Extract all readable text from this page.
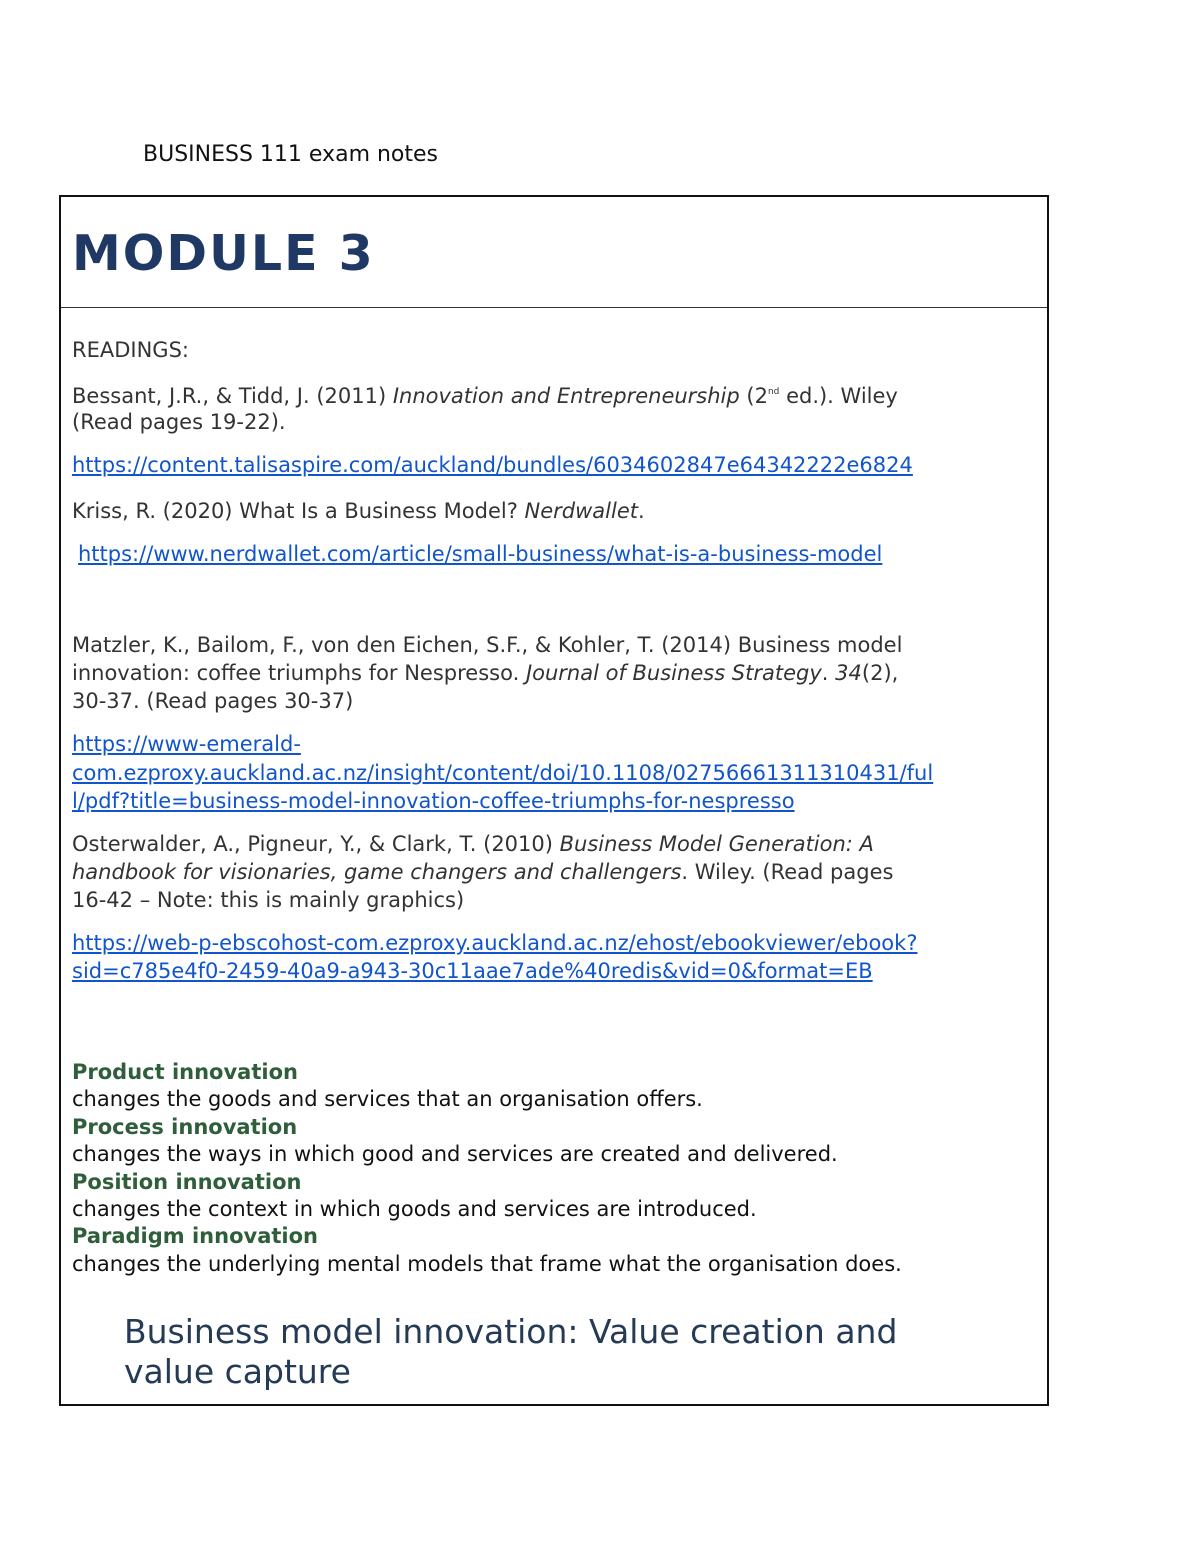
BUSINESS 111 exam notes
MODULE 3
READINGS:
Bessant, J.R., & Tidd, J. (2011) Innovation and Entrepreneurship (2nd ed.). Wiley
(Read pages 19-22).
https://content.talisaspire.com/auckland/bundles/6034602847e64342222e6824
Kriss, R. (2020) What Is a Business Model? Nerdwallet.
https://www.nerdwallet.com/article/small-business/what-is-a-business-model
Matzler, K., Bailom, F., von den Eichen, S.F., & Kohler, T. (2014) Business model
innovation: coffee triumphs for Nespresso. Journal of Business Strategy. 34(2),
30-37. (Read pages 30-37)
https://www-emerald-
com.ezproxy.auckland.ac.nz/insight/content/doi/10.1108/02756661311310431/ful
l/pdf?title=business-model-innovation-coffee-triumphs-for-nespresso
Osterwalder, A., Pigneur, Y., & Clark, T. (2010) Business Model Generation: A
handbook for visionaries, game changers and challengers. Wiley. (Read pages
16-42 – Note: this is mainly graphics)
https://web-p-ebscohost-com.ezproxy.auckland.ac.nz/ehost/ebookviewer/ebook?
sid=c785e4f0-2459-40a9-a943-30c11aae7ade%40redis&vid=0&format=EB
Product innovation
changes the goods and services that an organisation offers.
Process innovation
changes the ways in which good and services are created and delivered.
Position innovation
changes the context in which goods and services are introduced.
Paradigm innovation
changes the underlying mental models that frame what the organisation does.
Business model innovation: Value creation and
value capture
